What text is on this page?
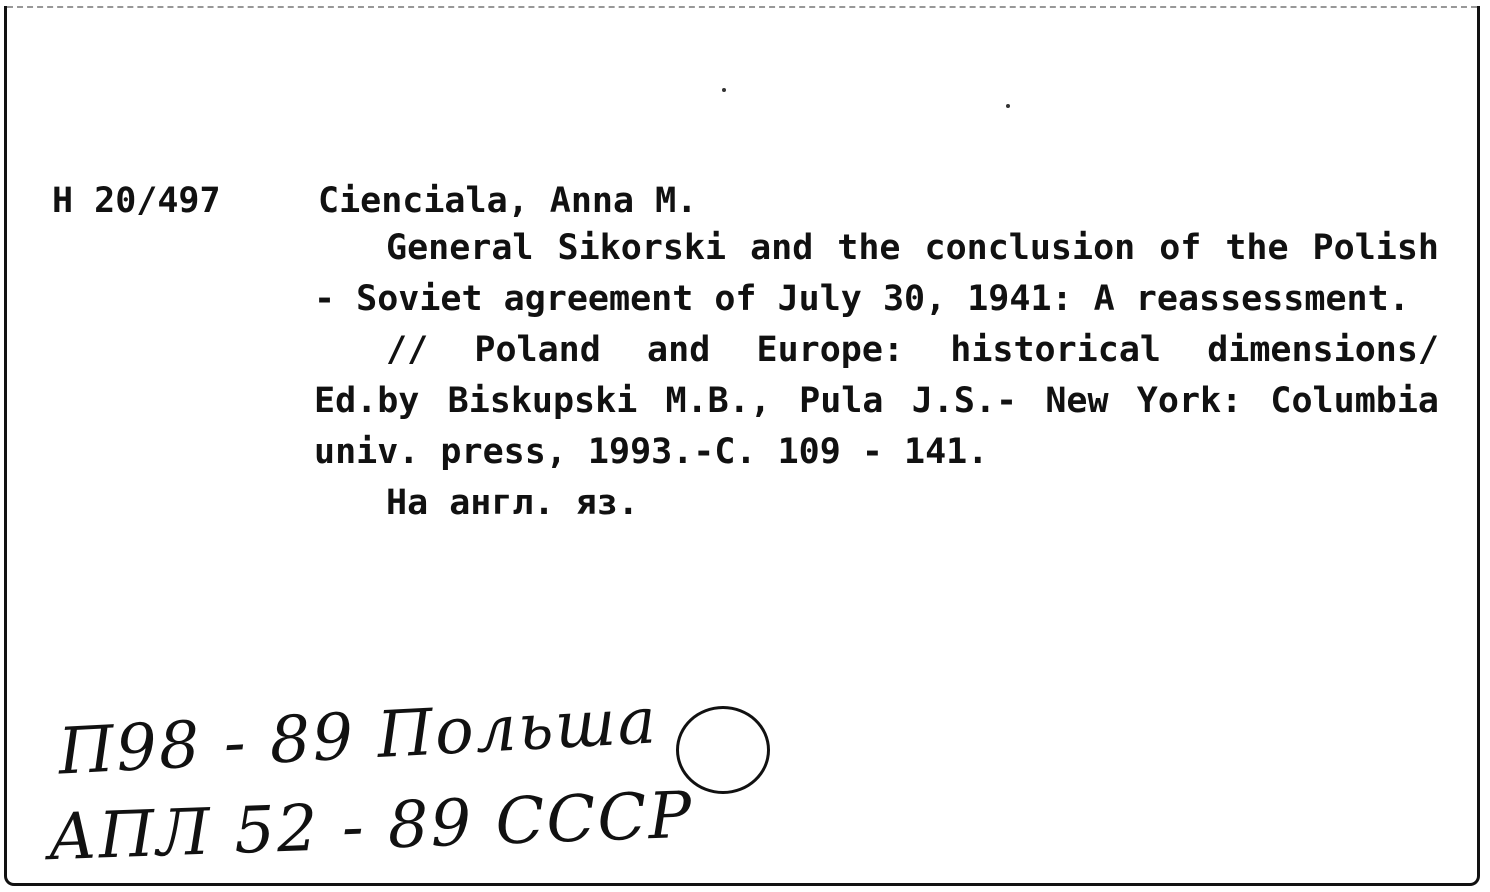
H 20/497	Cienciala, Anna M.

General Sikorski and the conclusion of the Polish - Soviet agreement of July 30, 1941: A reassessment.

// Poland and Europe: historical dimensions/ Ed.by Biskupski M.B., Pula J.S.- New York: Columbia univ. press, 1993.-C. 109 - 141.

На англ. яз.

П98 - 89 Польша
АПЛ 52 - 89 СССР
